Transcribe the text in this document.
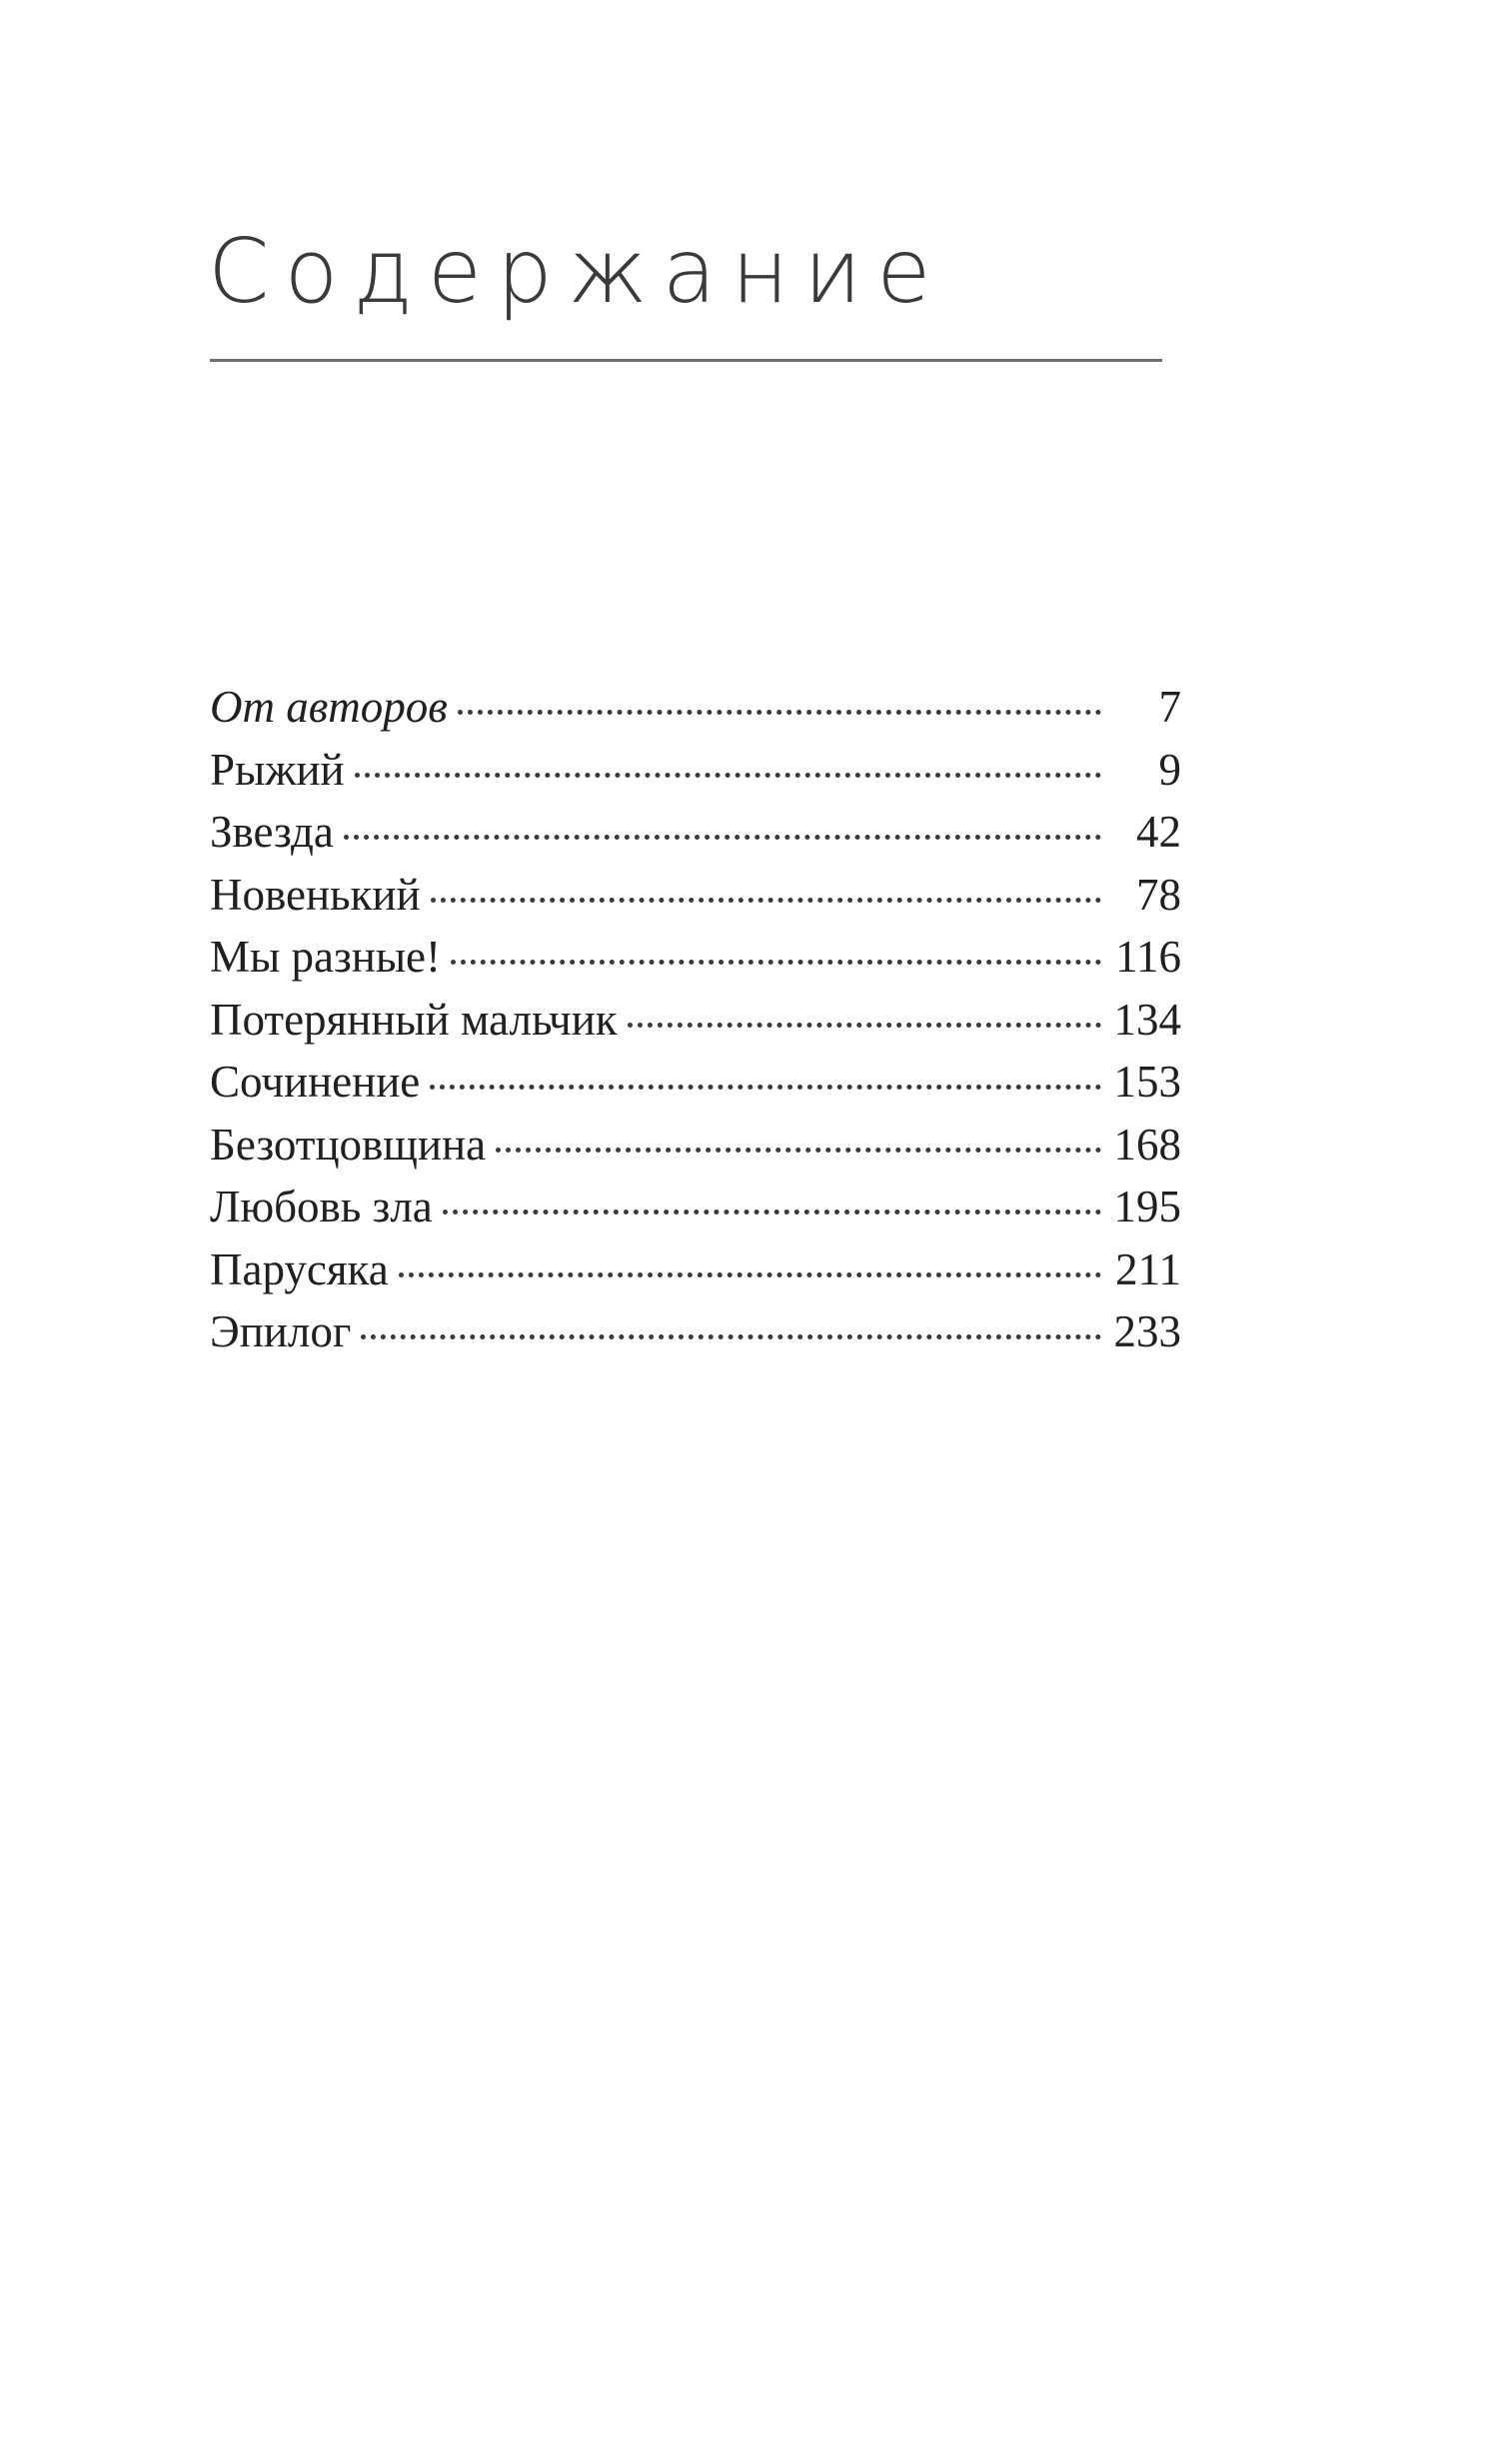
Содержание
От авторов	7
Рыжий	9
Звезда	42
Новенький	78
Мы разные!	116
Потерянный мальчик	134
Сочинение	153
Безотцовщина	168
Любовь зла	195
Парусяка	211
Эпилог	233
